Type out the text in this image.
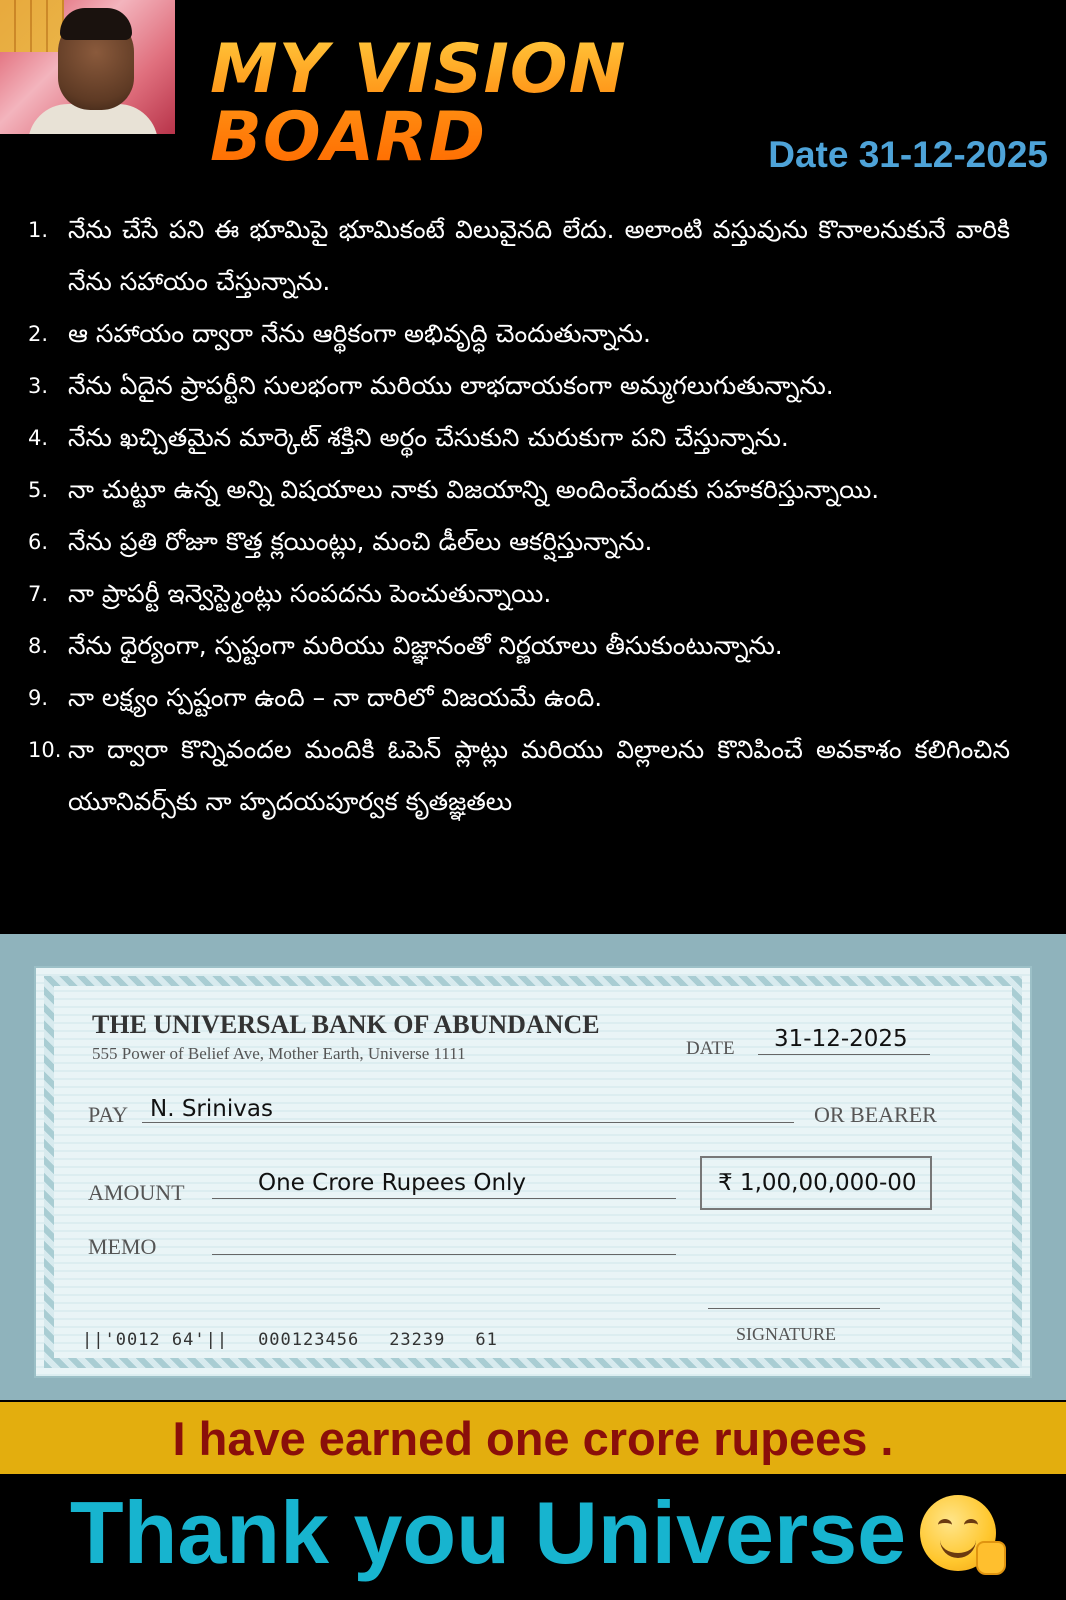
MY VISION BOARD	Date 31-12-2025
1. నేను చేసే పని ఈ భూమిపై భూమికంటే విలువైనది లేదు. అలాంటి వస్తువును కొనాలనుకునే వారికి నేను సహాయం చేస్తున్నాను.
2. ఆ సహాయం ద్వారా నేను ఆర్థికంగా అభివృద్ధి చెందుతున్నాను.
3. నేను ఏదైన ప్రాపర్టీని సులభంగా మరియు లాభదాయకంగా అమ్మగలుగుతున్నాను.
4. నేను ఖచ్చితమైన మార్కెట్ శక్తిని అర్థం చేసుకుని చురుకుగా పని చేస్తున్నాను.
5. నా చుట్టూ ఉన్న అన్ని విషయాలు నాకు విజయాన్ని అందించేందుకు సహకరిస్తున్నాయి.
6. నేను ప్రతి రోజూ కొత్త క్లయింట్లు, మంచి డీల్‌లు ఆకర్షిస్తున్నాను.
7. నా ప్రాపర్టీ ఇన్వెస్ట్మెంట్లు సంపదను పెంచుతున్నాయి.
8. నేను ధైర్యంగా, స్పష్టంగా మరియు విజ్ఞానంతో నిర్ణయాలు తీసుకుంటున్నాను.
9. నా లక్ష్యం స్పష్టంగా ఉంది – నా దారిలో విజయమే ఉంది.
10. నా ద్వారా కొన్నివందల మందికి ఓపెన్ ప్లాట్లు మరియు విల్లాలను కొనిపించే అవకాశం కలిగించిన యూనివర్స్‌కు నా హృదయపూర్వక కృతజ్ఞతలు
THE UNIVERSAL BANK OF ABUNDANCE
555 Power of Belief Ave, Mother Earth, Universe 1111	DATE 31-12-2025
PAY N. Srinivas	OR BEARER
AMOUNT	One Crore Rupees Only	₹ 1,00,00,000-00
MEMO
SIGNATURE
||'0012 64'|| 000123456 23239 61
I have earned one crore rupees .
Thank you Universe
